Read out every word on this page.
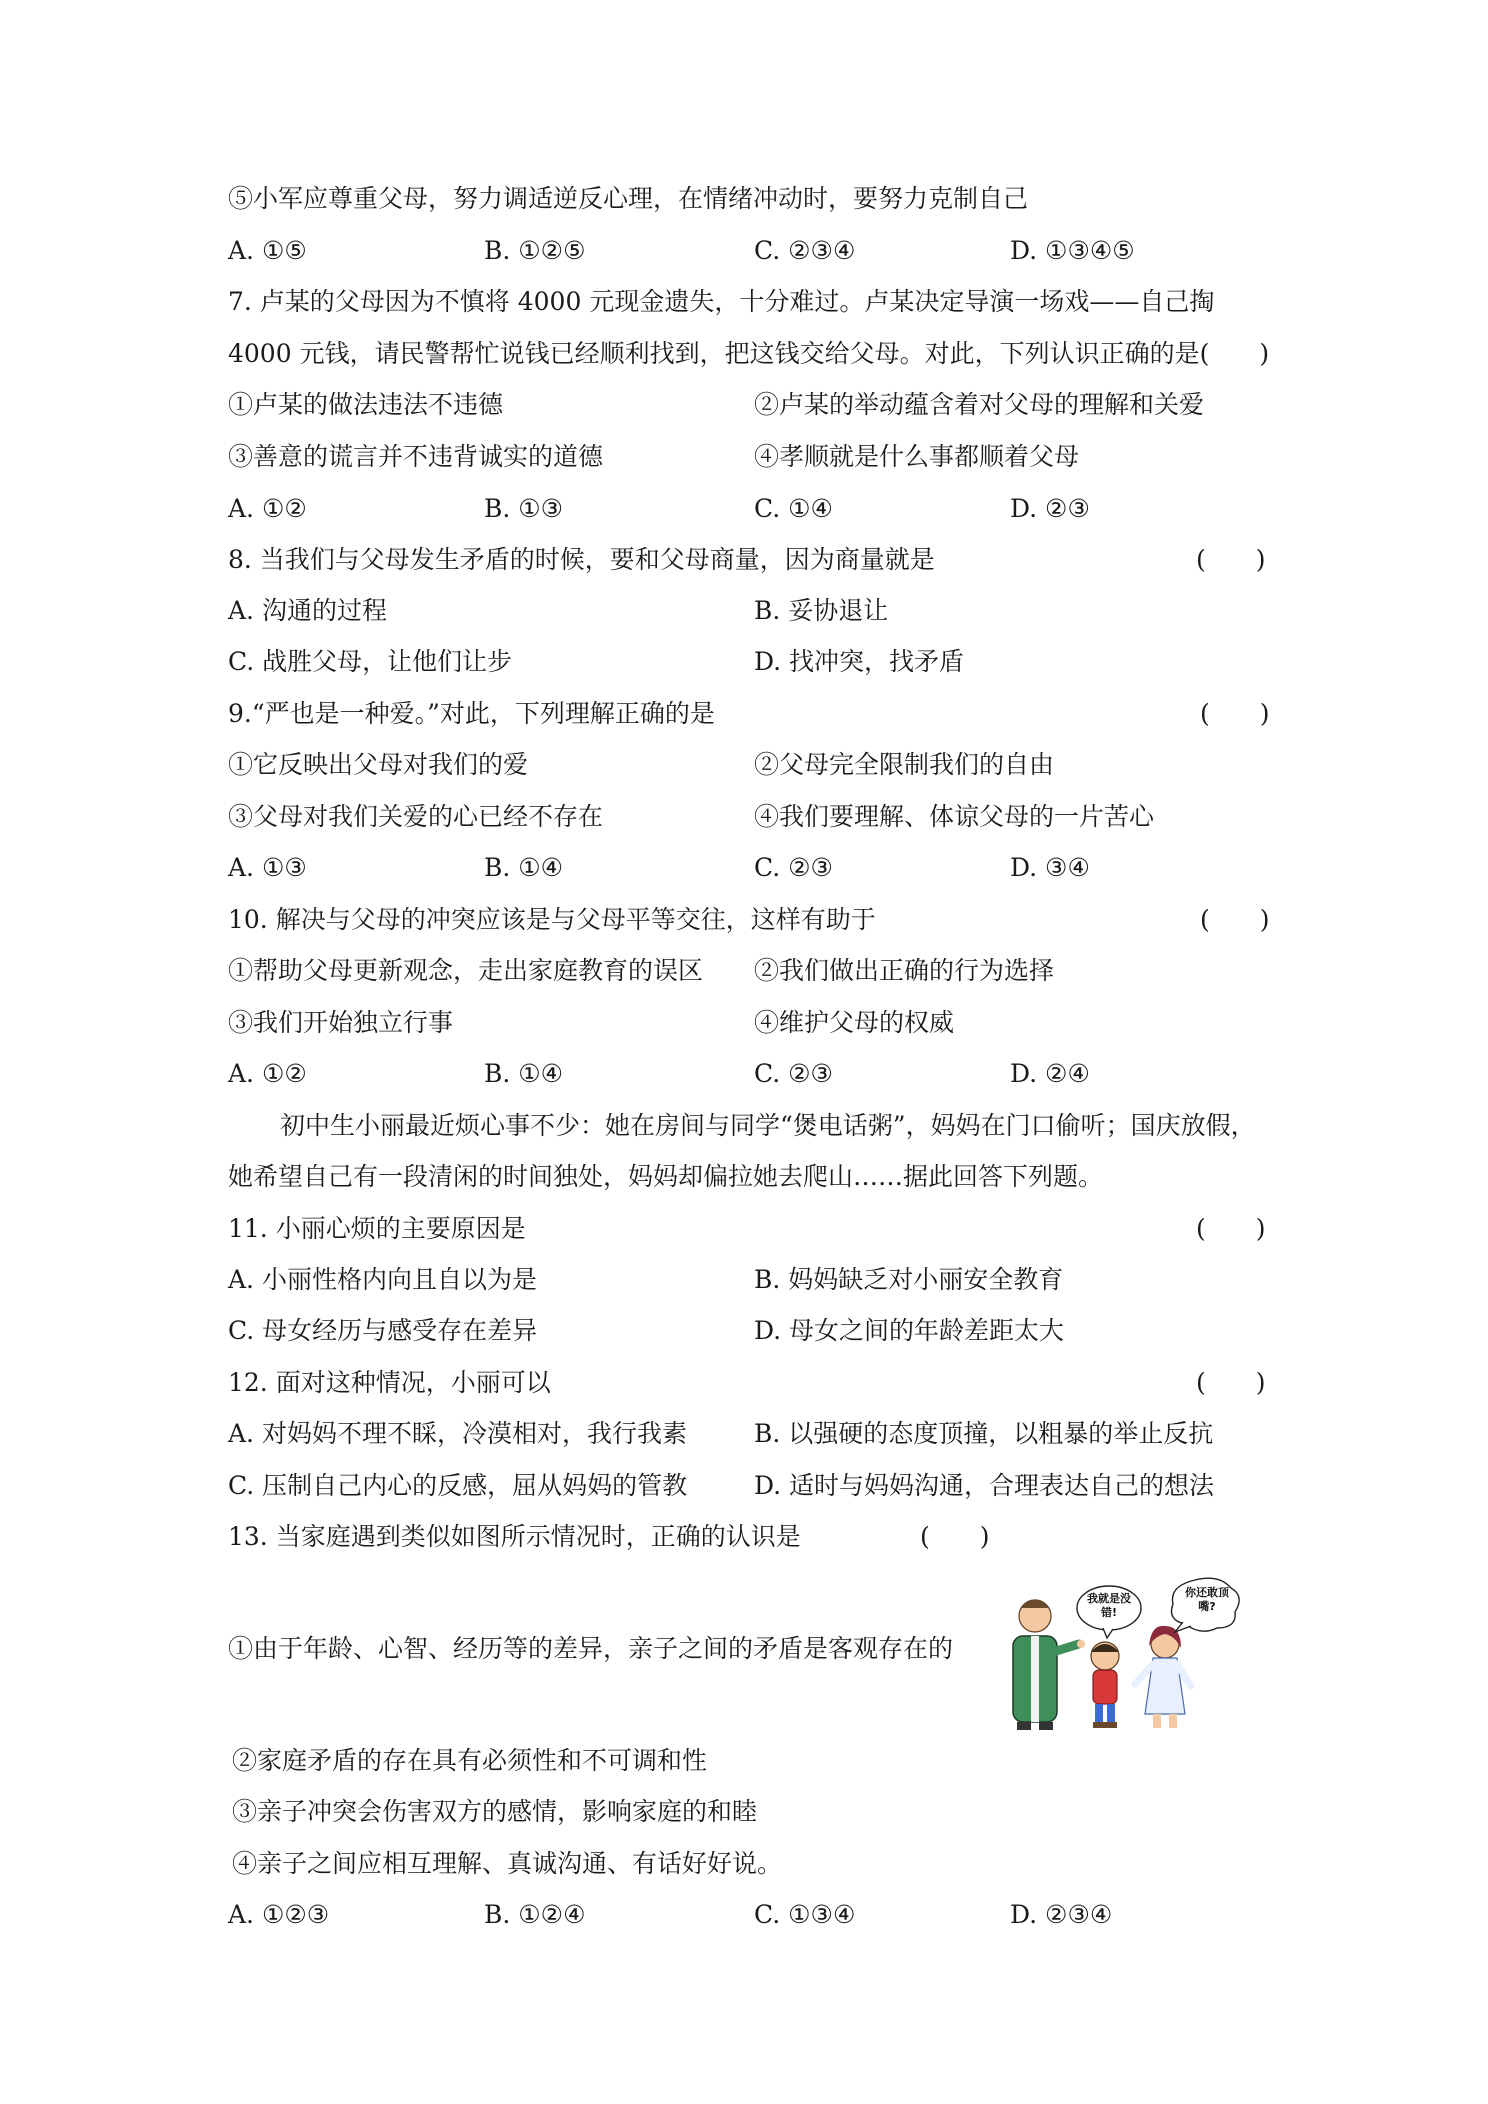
⑤小军应尊重父母，努力调适逆反心理，在情绪冲动时，要努力克制自己
A. ①⑤	B. ①②⑤	C. ②③④	D. ①③④⑤
7. 卢某的父母因为不慎将 4000 元现金遗失，十分难过。卢某决定导演一场戏——自己掏
4000 元钱，请民警帮忙说钱已经顺利找到，把这钱交给父母。对此，下列认识正确的是(　　)
①卢某的做法违法不违德	②卢某的举动蕴含着对父母的理解和关爱
③善意的谎言并不违背诚实的道德	④孝顺就是什么事都顺着父母
A. ①②	B. ①③	C. ①④	D. ②③
8. 当我们与父母发生矛盾的时候，要和父母商量，因为商量就是	(　　)
A. 沟通的过程	B. 妥协退让
C. 战胜父母，让他们让步	D. 找冲突，找矛盾
9.“严也是一种爱。”对此，下列理解正确的是	(　　)
①它反映出父母对我们的爱	②父母完全限制我们的自由
③父母对我们关爱的心已经不存在	④我们要理解、体谅父母的一片苦心
A. ①③	B. ①④	C. ②③	D. ③④
10. 解决与父母的冲突应该是与父母平等交往，这样有助于	(　　)
①帮助父母更新观念，走出家庭教育的误区 ②我们做出正确的行为选择
③我们开始独立行事	④维护父母的权威
A. ①②	B. ①④	C. ②③	D. ②④
初中生小丽最近烦心事不少：她在房间与同学“煲电话粥”，妈妈在门口偷听；国庆放假，
她希望自己有一段清闲的时间独处，妈妈却偏拉她去爬山……据此回答下列题。
11. 小丽心烦的主要原因是	(　　)
A. 小丽性格内向且自以为是	B. 妈妈缺乏对小丽安全教育
C. 母女经历与感受存在差异	D. 母女之间的年龄差距太大
12. 面对这种情况，小丽可以	(　　)
A. 对妈妈不理不睬，冷漠相对，我行我素	B. 以强硬的态度顶撞，以粗暴的举止反抗
C. 压制自己内心的反感，屈从妈妈的管教	D. 适时与妈妈沟通，合理表达自己的想法
13. 当家庭遇到类似如图所示情况时，正确的认识是	(　　)
①由于年龄、心智、经历等的差异，亲子之间的矛盾是客观存在的
我就是没错!
你还敢顶嘴?
②家庭矛盾的存在具有必须性和不可调和性
③亲子冲突会伤害双方的感情，影响家庭的和睦
④亲子之间应相互理解、真诚沟通、有话好好说。
A. ①②③	B. ①②④	C. ①③④	D. ②③④
